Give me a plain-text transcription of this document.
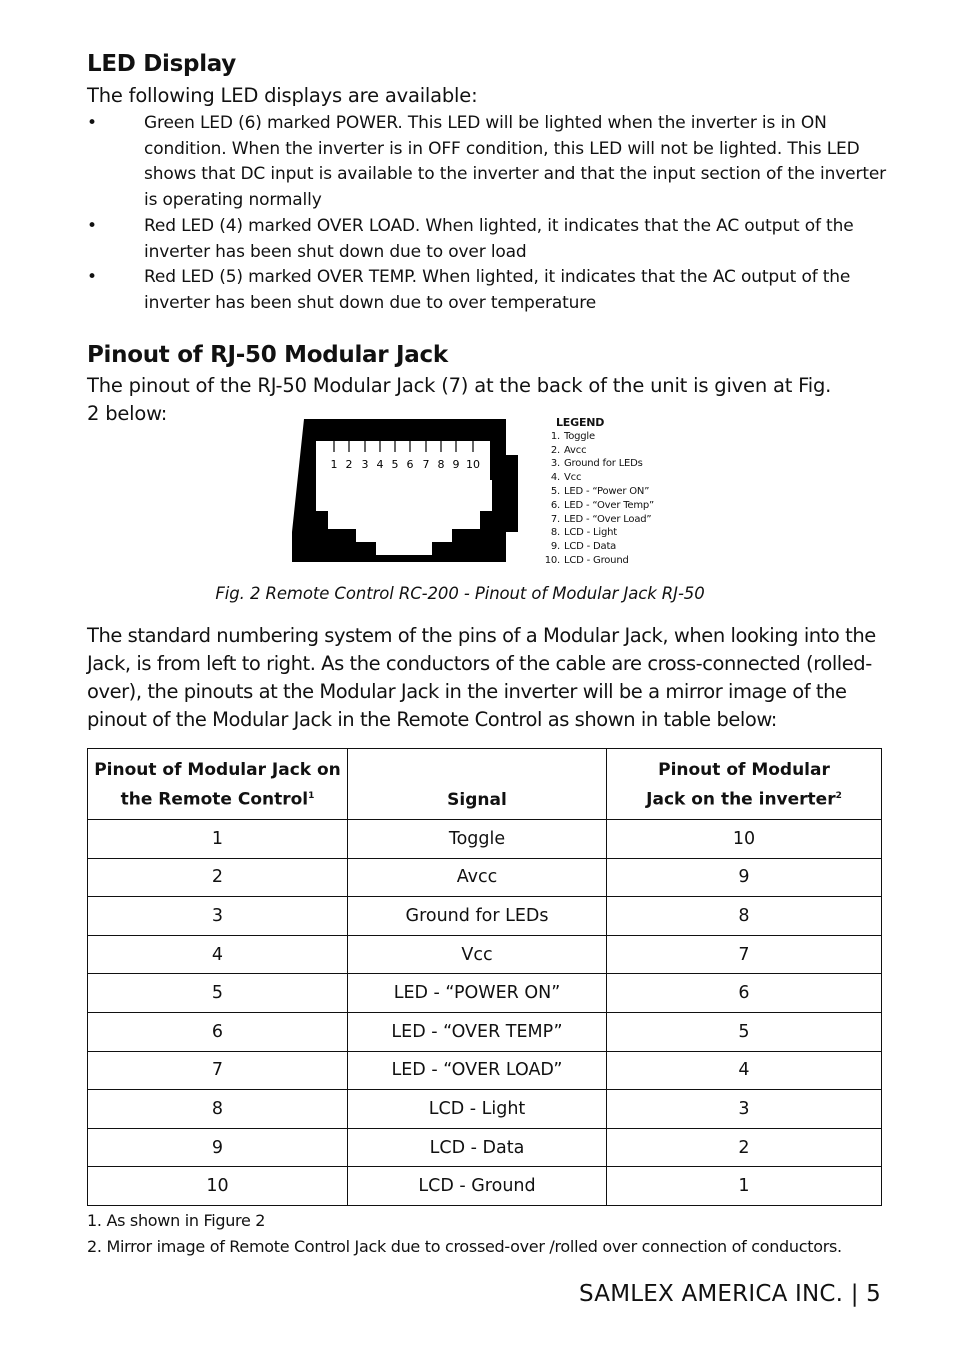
LED Display
The following LED displays are available:
•	Green LED (6) marked POWER. This LED will be lighted when the inverter is in ON condition. When the inverter is in OFF condition, this LED will not be lighted. This LED shows that DC input is available to the inverter and that the input section of the inverter is operating normally
•	Red LED (4) marked OVER LOAD. When lighted, it indicates that the AC output of the inverter has been shut down due to over load
•	Red LED (5) marked OVER TEMP. When lighted, it indicates that the AC output of the inverter has been shut down due to over temperature
Pinout of RJ-50 Modular Jack
The pinout of the RJ-50 Modular Jack (7) at the back of the unit is given at Fig.
2 below:
1 2 3 4 5 6 7 8 9 10
LEGEND
1. Toggle
2. Avcc
3. Ground for LEDs
4. Vcc
5. LED - “Power ON”
6. LED - “Over Temp”
7. LED - “Over Load”
8. LCD - Light
9. LCD - Data
10. LCD - Ground
Fig. 2 Remote Control RC-200 - Pinout of Modular Jack RJ-50
The standard numbering system of the pins of a Modular Jack, when looking into the Jack, is from left to right. As the conductors of the cable are cross-connected (rolled-over), the pinouts at the Modular Jack in the inverter will be a mirror image of the pinout of the Modular Jack in the Remote Control as shown in table below:
Pinout of Modular Jack on
the Remote Control$^1$	Signal	Pinout of Modular
Jack on the inverter$^2$
1	Toggle	10
2	Avcc	9
3	Ground for LEDs	8
4	Vcc	7
5	LED - “POWER ON”	6
6	LED - “OVER TEMP”	5
7	LED - “OVER LOAD”	4
8	LCD - Light	3
9	LCD - Data	2
10	LCD - Ground	1
1. As shown in Figure 2
2. Mirror image of Remote Control Jack due to crossed-over /rolled over connection of conductors.
SAMLEX AMERICA INC. | 5
